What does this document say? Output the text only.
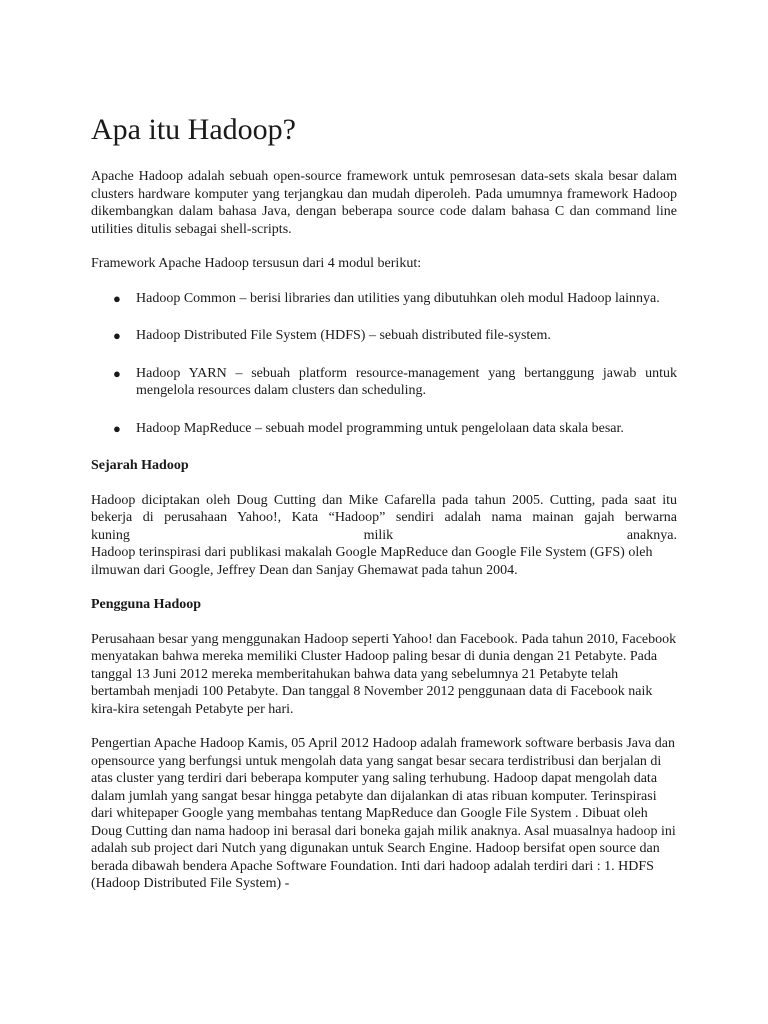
Apa itu Hadoop?

Apache Hadoop adalah sebuah open-source framework untuk pemrosesan data-sets skala besar dalam clusters hardware komputer yang terjangkau dan mudah diperoleh. Pada umumnya framework Hadoop dikembangkan dalam bahasa Java, dengan beberapa source code dalam bahasa C dan command line utilities ditulis sebagai shell-scripts.

Framework Apache Hadoop tersusun dari 4 modul berikut:

● Hadoop Common – berisi libraries dan utilities yang dibutuhkan oleh modul Hadoop lainnya.
● Hadoop Distributed File System (HDFS) – sebuah distributed file-system.
● Hadoop YARN – sebuah platform resource-management yang bertanggung jawab untuk mengelola resources dalam clusters dan scheduling.
● Hadoop MapReduce – sebuah model programming untuk pengelolaan data skala besar.
Sejarah Hadoop

Hadoop diciptakan oleh Doug Cutting dan Mike Cafarella pada tahun 2005. Cutting, pada saat itu bekerja di perusahaan Yahoo!, Kata “Hadoop” sendiri adalah nama mainan gajah berwarna

kuning	milik	anaknya.

Hadoop terinspirasi dari publikasi makalah Google MapReduce dan Google File System (GFS) oleh ilmuwan dari Google, Jeffrey Dean dan Sanjay Ghemawat pada tahun 2004.

Pengguna Hadoop

Perusahaan besar yang menggunakan Hadoop seperti Yahoo! dan Facebook. Pada tahun 2010, Facebook menyatakan bahwa mereka memiliki Cluster Hadoop paling besar di dunia dengan 21 Petabyte. Pada tanggal 13 Juni 2012 mereka memberitahukan bahwa data yang sebelumnya 21 Petabyte telah bertambah menjadi 100 Petabyte. Dan tanggal 8 November 2012 penggunaan data di Facebook naik kira-kira setengah Petabyte per hari.

Pengertian Apache Hadoop Kamis, 05 April 2012 Hadoop adalah framework software berbasis Java dan opensource yang berfungsi untuk mengolah data yang sangat besar secara terdistribusi dan berjalan di atas cluster yang terdiri dari beberapa komputer yang saling terhubung. Hadoop dapat mengolah data dalam jumlah yang sangat besar hingga petabyte dan dijalankan di atas ribuan komputer. Terinspirasi dari whitepaper Google yang membahas tentang MapReduce dan Google File System . Dibuat oleh Doug Cutting dan nama hadoop ini berasal dari boneka gajah milik anaknya. Asal muasalnya hadoop ini adalah sub project dari Nutch yang digunakan untuk Search Engine. Hadoop bersifat open source dan berada dibawah bendera Apache Software Foundation. Inti dari hadoop adalah terdiri dari : 1. HDFS (Hadoop Distributed File System) -
